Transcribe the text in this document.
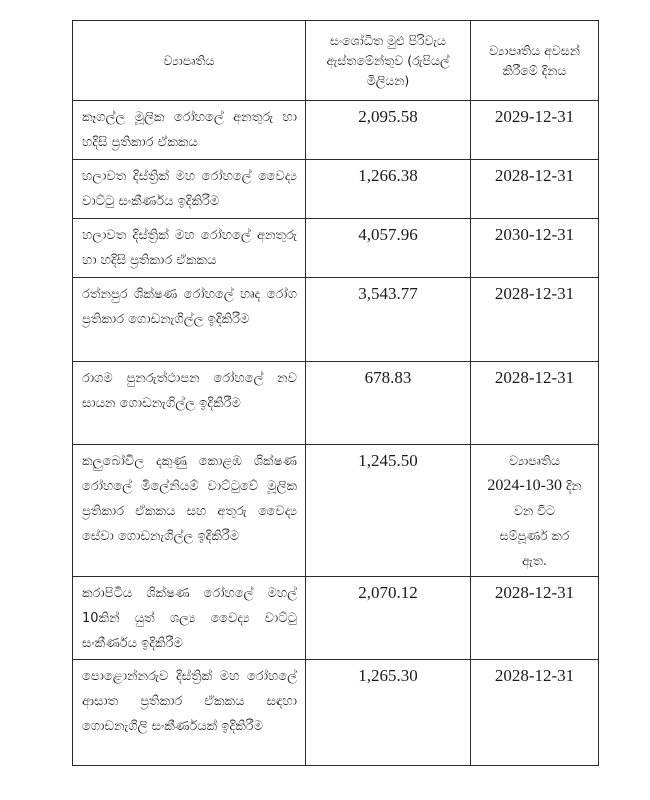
ව්‍යාපෘතිය	සංශෝධිත මුළු පිරිවැය ඇස්තමේන්තුව (රුපියල් මිලියන)	ව්‍යාපෘතිය අවසන් කිරීමේ දිනය
කෑගල්ල මූලික රෝහලේ අනතුරු හා හදිසි ප්‍රතිකාර ඒකකය	2,095.58	2029-12-31
හලාවත දිස්ත්‍රික් මහ රෝහලේ වෛද්‍ය වාට්ටු සංකීර්ණය ඉදිකිරීම	1,266.38	2028-12-31
හලාවත දිස්ත්‍රික් මහ රෝහලේ අනතුරු හා හදිසි ප්‍රතිකාර ඒකකය	4,057.96	2030-12-31
රත්නපුර ශික්ෂණ රෝහලේ හෘද රෝග ප්‍රතිකාර ගොඩනැගිල්ල ඉදිකිරීම	3,543.77	2028-12-31
රාගම පුනරුත්ථාපන රෝහලේ නව සායන ගොඩනැගිල්ල ඉදිකිරීම	678.83	2028-12-31
කලුබෝවිල දකුණු කොළඹ ශික්ෂණ රෝහලේ මිලේනියම් වාට්ටුවේ මූලික ප්‍රතිකාර ඒකකය සහ අතුරු වෛද්‍ය සේවා ගොඩනැගිල්ල ඉදිකිරීම	1,245.50	ව්‍යාපෘතිය
2024-10-30 දින
වන විට
සම්පූර්ණ කර
ඇත.

කරාපිටිය ශික්ෂණ රෝහලේ මහල් 10කින් යුත් ශල්‍ය වෛද්‍ය වාට්ටු සංකීර්ණය ඉදිකිරීම	2,070.12	2028-12-31
පොළොන්නරුව දිස්ත්‍රික් මහ රෝහලේ ආසාත ප්‍රතිකාර ඒකකය සඳහා ගොඩනැගිලි සංකීර්ණයක් ඉදිකිරීම	1,265.30	2028-12-31
